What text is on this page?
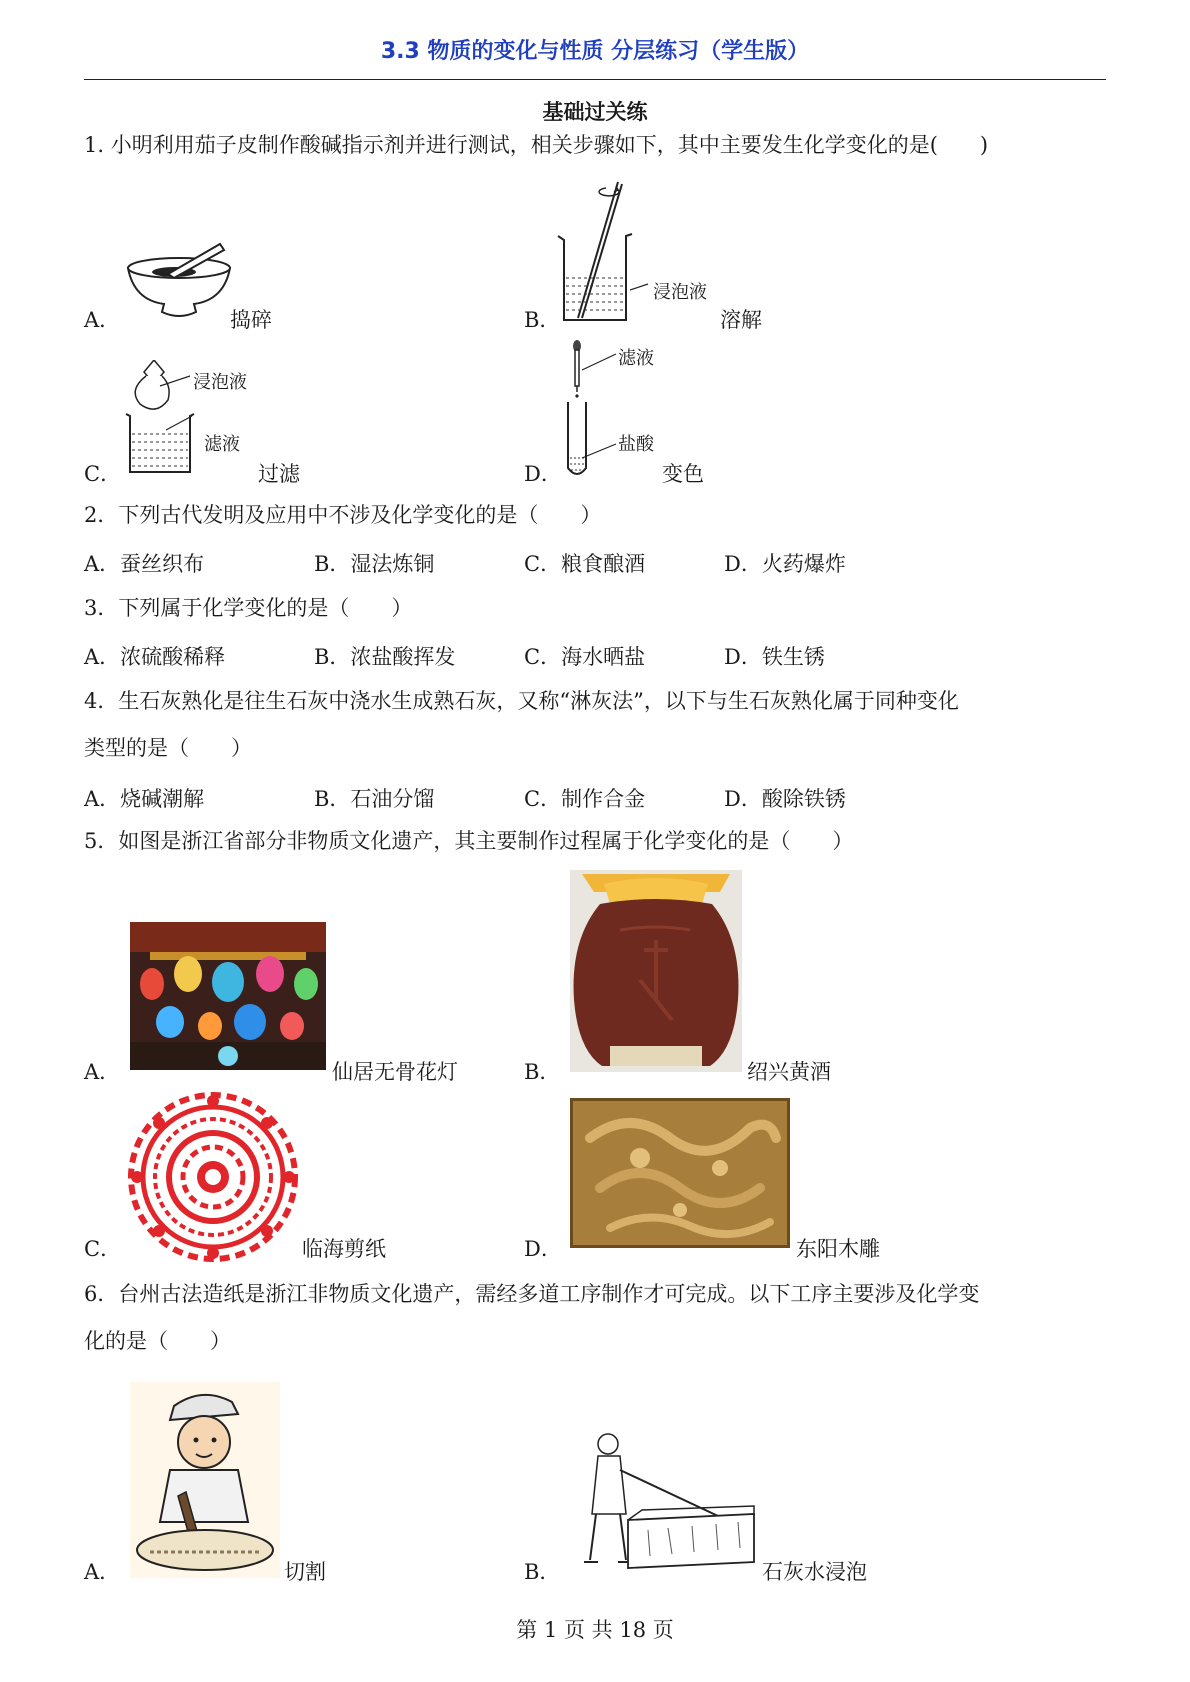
3.3 物质的变化与性质 分层练习（学生版）
基础过关练
1. 小明利用茄子皮制作酸碱指示剂并进行测试，相关步骤如下，其中主要发生化学变化的是(　　)
A．	捣碎	B．
浸泡液
溶解
C．
浸泡液
滤液
过滤	D．
滤液
盐酸
变色
2．下列古代发明及应用中不涉及化学变化的是（　　）
A．蚕丝织布	B．湿法炼铜	C．粮食酿酒	D．火药爆炸
3．下列属于化学变化的是（　　）
A．浓硫酸稀释	B．浓盐酸挥发	C．海水晒盐	D．铁生锈
4．生石灰熟化是往生石灰中浇水生成熟石灰，又称“淋灰法”，以下与生石灰熟化属于同种变化
类型的是（　　）
A．烧碱潮解	B．石油分馏	C．制作合金	D．酸除铁锈
5．如图是浙江省部分非物质文化遗产，其主要制作过程属于化学变化的是（　　）
A．	仙居无骨花灯	B．	绍兴黄酒
C．	临海剪纸	D．	东阳木雕
6．台州古法造纸是浙江非物质文化遗产，需经多道工序制作才可完成。以下工序主要涉及化学变
化的是（　　）
A．	切割	B．	石灰水浸泡
第 1 页 共 18 页
